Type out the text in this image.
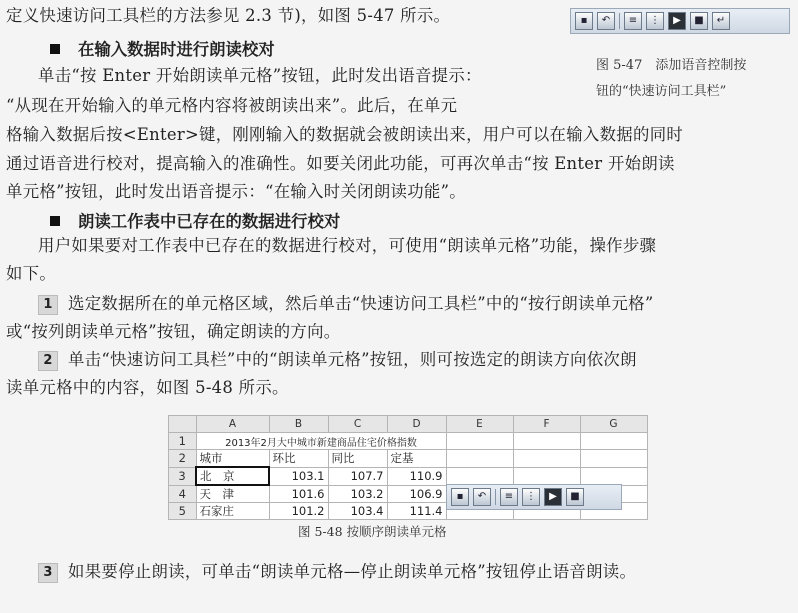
定义快速访问工具栏的方法参见 2.3 节)，如图 5-47 所示。	▪	↶	≡	⋮	▶	■	↵
图 5-47　添加语音控制按
钮的“快速访问工具栏”
在输入数据时进行朗读校对
单击“按 Enter 开始朗读单元格”按钮，此时发出语音提示：
“从现在开始输入的单元格内容将被朗读出来”。此后，在单元
格输入数据后按<Enter>键，刚刚输入的数据就会被朗读出来，用户可以在输入数据的同时
通过语音进行校对，提高输入的准确性。如要关闭此功能，可再次单击“按 Enter 开始朗读
单元格”按钮，此时发出语音提示：“在输入时关闭朗读功能”。
朗读工作表中已存在的数据进行校对
用户如果要对工作表中已存在的数据进行校对，可使用“朗读单元格”功能，操作步骤
如下。
1 选定数据所在的单元格区域，然后单击“快速访问工具栏”中的“按行朗读单元格”
或“按列朗读单元格”按钮，确定朗读的方向。
2 单击“快速访问工具栏”中的“朗读单元格”按钮，则可按选定的朗读方向依次朗
读单元格中的内容，如图 5-48 所示。
	A	B	C	D	E	F	G
1	2013年2月大中城市新建商品住宅价格指数						
2	城市	环比	同比	定基			
3	北　京	103.1	107.7	110.9			
4	天　津	101.6	103.2	106.9			
5	石家庄	101.2	103.4	111.4			
▪	↶	≡	⋮	▶	■
图 5-48 按顺序朗读单元格
3 如果要停止朗读，可单击“朗读单元格—停止朗读单元格”按钮停止语音朗读。
